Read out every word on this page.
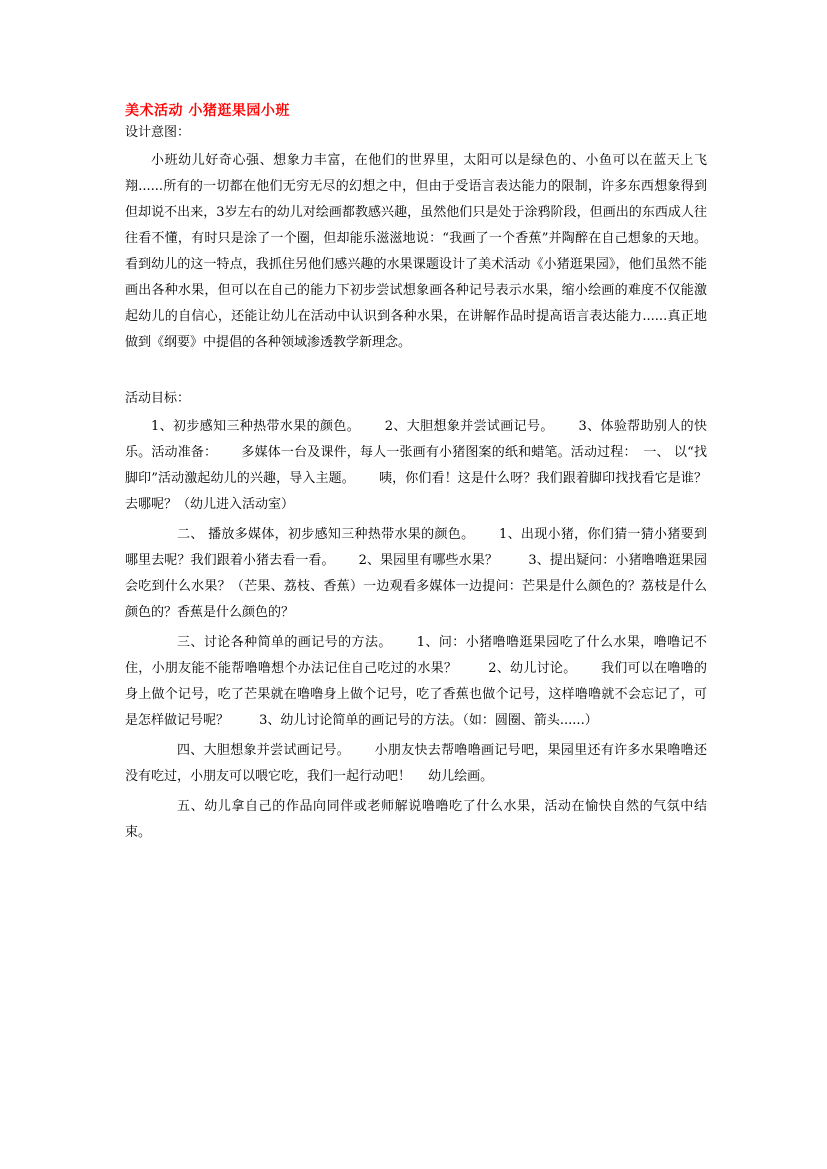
美术活动 小猪逛果园小班

设计意图：

小班幼儿好奇心强、想象力丰富，在他们的世界里，太阳可以是绿色的、小鱼可以在蓝天上飞翔......所有的一切都在他们无穷无尽的幻想之中，但由于受语言表达能力的限制，许多东西想象得到但却说不出来，3岁左右的幼儿对绘画都教感兴趣，虽然他们只是处于涂鸦阶段，但画出的东西成人往往看不懂，有时只是涂了一个圈，但却能乐滋滋地说：“我画了一个香蕉”并陶醉在自己想象的天地。看到幼儿的这一特点，我抓住另他们感兴趣的水果课题设计了美术活动《小猪逛果园》，他们虽然不能画出各种水果，但可以在自己的能力下初步尝试想象画各种记号表示水果，缩小绘画的难度不仅能激起幼儿的自信心，还能让幼儿在活动中认识到各种水果，在讲解作品时提高语言表达能力......真正地做到《纲要》中提倡的各种领域渗透教学新理念。

活动目标：

1、初步感知三种热带水果的颜色。　　 2、大胆想象并尝试画记号。　　 3、体验帮助别人的快乐。活动准备：　　 多媒体一台及课件，每人一张画有小猪图案的纸和蜡笔。活动过程：　一、 以“找脚印”活动激起幼儿的兴趣，导入主题。　　 咦，你们看！这是什么呀？我们跟着脚印找找看它是谁？去哪呢？（幼儿进入活动室）

二、 播放多媒体，初步感知三种热带水果的颜色。　　 1、出现小猪，你们猜一猜小猪要到哪里去呢？我们跟着小猪去看一看。　　 2、果园里有哪些水果？　　 3、提出疑问：小猪噜噜逛果园会吃到什么水果？（芒果、荔枝、香蕉）一边观看多媒体一边提问：芒果是什么颜色的？荔枝是什么颜色的？香蕉是什么颜色的？

三、讨论各种简单的画记号的方法。　　 1、问：小猪噜噜逛果园吃了什么水果，噜噜记不住，小朋友能不能帮噜噜想个办法记住自己吃过的水果？　　 2、幼儿讨论。　　 我们可以在噜噜的身上做个记号，吃了芒果就在噜噜身上做个记号，吃了香蕉也做个记号，这样噜噜就不会忘记了，可是怎样做记号呢？　　 3、幼儿讨论简单的画记号的方法。（如：圆圈、箭头......）

四、大胆想象并尝试画记号。　　 小朋友快去帮噜噜画记号吧，果园里还有许多水果噜噜还没有吃过，小朋友可以喂它吃，我们一起行动吧！　 幼儿绘画。

五、幼儿拿自己的作品向同伴或老师解说噜噜吃了什么水果，活动在愉快自然的气氛中结束。
